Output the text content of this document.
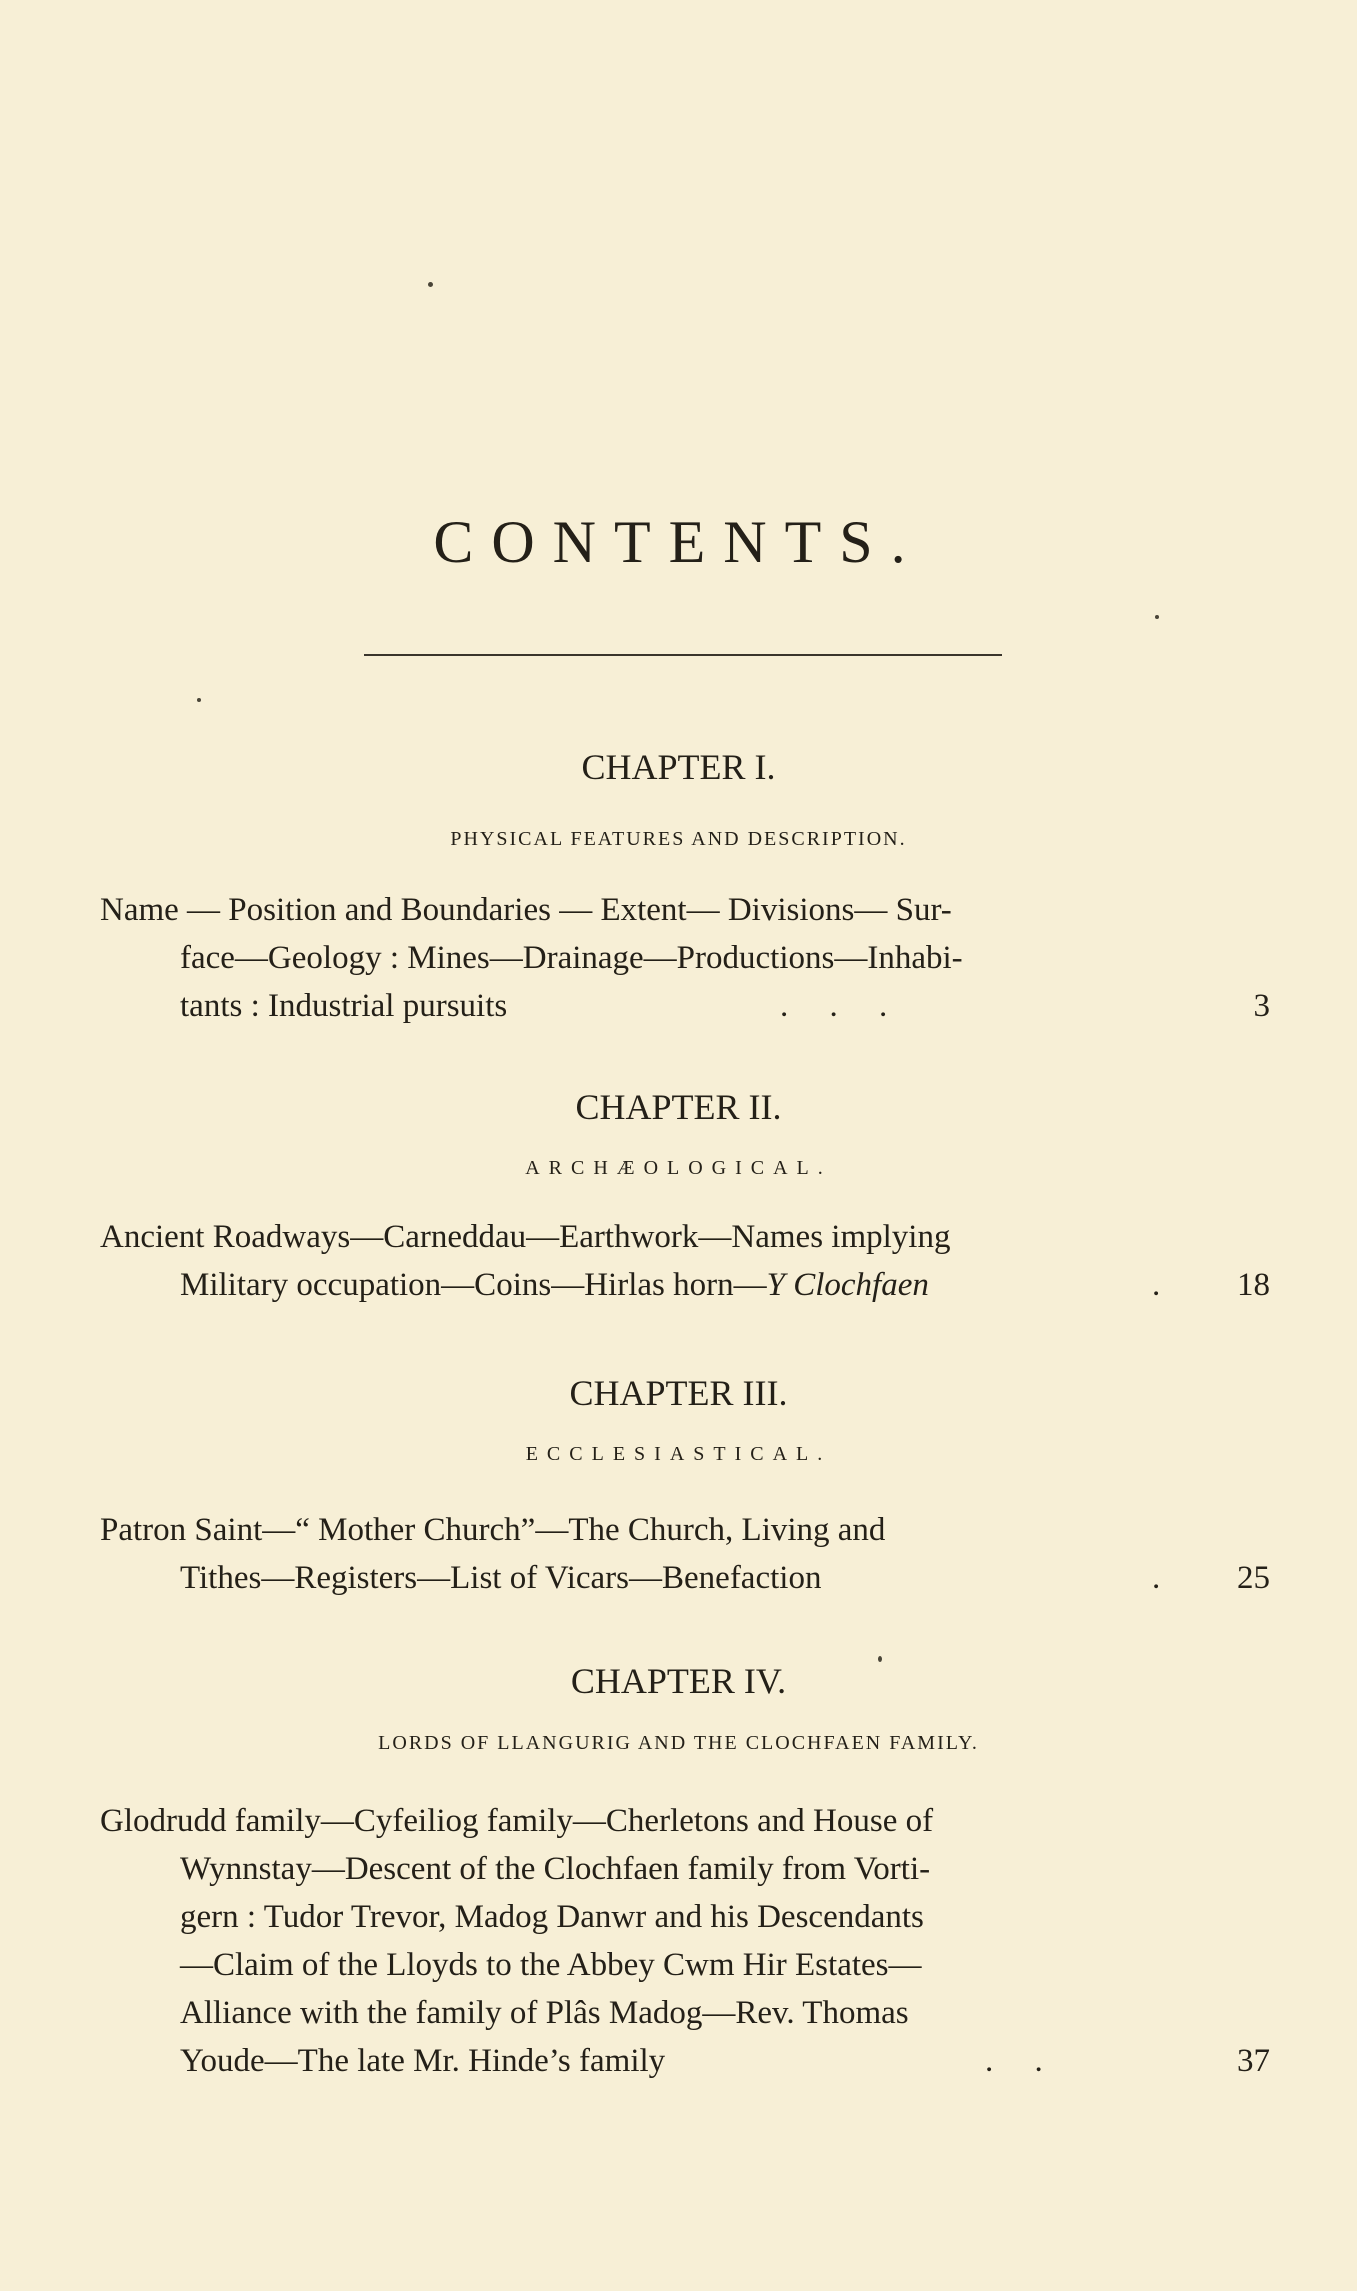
CONTENTS.
CHAPTER I.
PHYSICAL FEATURES AND DESCRIPTION.
Name — Position and Boundaries — Extent— Divisions— Sur-
face—Geology : Mines—Drainage—Productions—Inhabi-
tants : Industrial pursuits	.     .     .	3
CHAPTER II.
ARCHÆOLOGICAL.
Ancient Roadways—Carneddau—Earthwork—Names implying
Military occupation—Coins—Hirlas horn—Y Clochfaen	. 18
CHAPTER III.
ECCLESIASTICAL.
Patron Saint—“ Mother Church”—The Church, Living and
Tithes—Registers—List of Vicars—Benefaction	. 25
CHAPTER IV.
LORDS OF LLANGURIG AND THE CLOCHFAEN FAMILY.
Glodrudd family—Cyfeiliog family—Cherletons and House of
Wynnstay—Descent of the Clochfaen family from Vorti-
gern : Tudor Trevor, Madog Danwr and his Descendants
—Claim of the Lloyds to the Abbey Cwm Hir Estates—
Alliance with the family of Plâs Madog—Rev. Thomas
Youde—The late Mr. Hinde’s family	.     .	37
